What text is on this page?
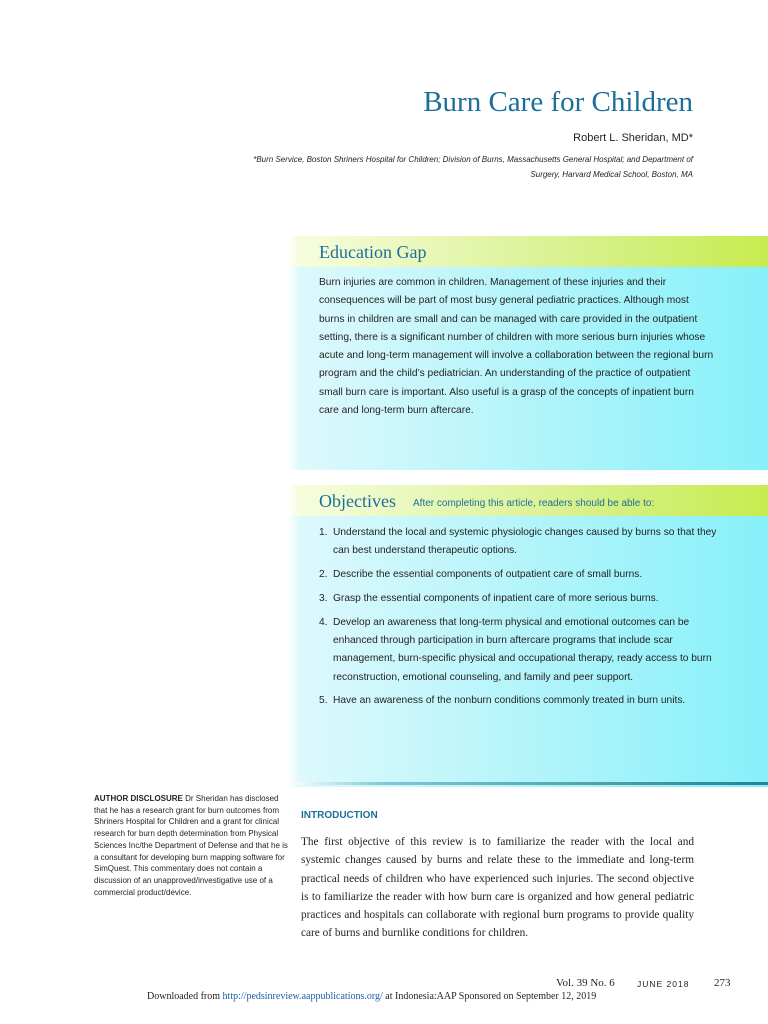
Burn Care for Children
Robert L. Sheridan, MD*
*Burn Service, Boston Shriners Hospital for Children; Division of Burns, Massachusetts General Hospital; and Department of Surgery, Harvard Medical School, Boston, MA
Education Gap

Burn injuries are common in children. Management of these injuries and their consequences will be part of most busy general pediatric practices. Although most burns in children are small and can be managed with care provided in the outpatient setting, there is a significant number of children with more serious burn injuries whose acute and long-term management will involve a collaboration between the regional burn program and the child’s pediatrician. An understanding of the practice of outpatient small burn care is important. Also useful is a grasp of the concepts of inpatient burn care and long-term burn aftercare.

Objectives After completing this article, readers should be able to:
1. Understand the local and systemic physiologic changes caused by burns so that they can best understand therapeutic options.
2. Describe the essential components of outpatient care of small burns.
3. Grasp the essential components of inpatient care of more serious burns.
4. Develop an awareness that long-term physical and emotional outcomes can be enhanced through participation in burn aftercare programs that include scar management, burn-specific physical and occupational therapy, ready access to burn reconstruction, emotional counseling, and family and peer support.
5. Have an awareness of the nonburn conditions commonly treated in burn units.

AUTHOR DISCLOSURE Dr Sheridan has disclosed that he has a research grant for burn outcomes from Shriners Hospital for Children and a grant for clinical research for burn depth determination from Physical Sciences Inc/the Department of Defense and that he is a consultant for developing burn mapping software for SimQuest. This commentary does not contain a discussion of an unapproved/investigative use of a commercial product/device.

INTRODUCTION

The first objective of this review is to familiarize the reader with the local and systemic changes caused by burns and relate these to the immediate and long-term practical needs of children who have experienced such injuries. The second objective is to familiarize the reader with how burn care is organized and how general pediatric practices and hospitals can collaborate with regional burn programs to provide quality care of burns and burnlike conditions for children.

Vol. 39 No. 6	JUNE 2018 273
Downloaded from http://pedsinreview.aappublications.org/ at Indonesia:AAP Sponsored on September 12, 2019
